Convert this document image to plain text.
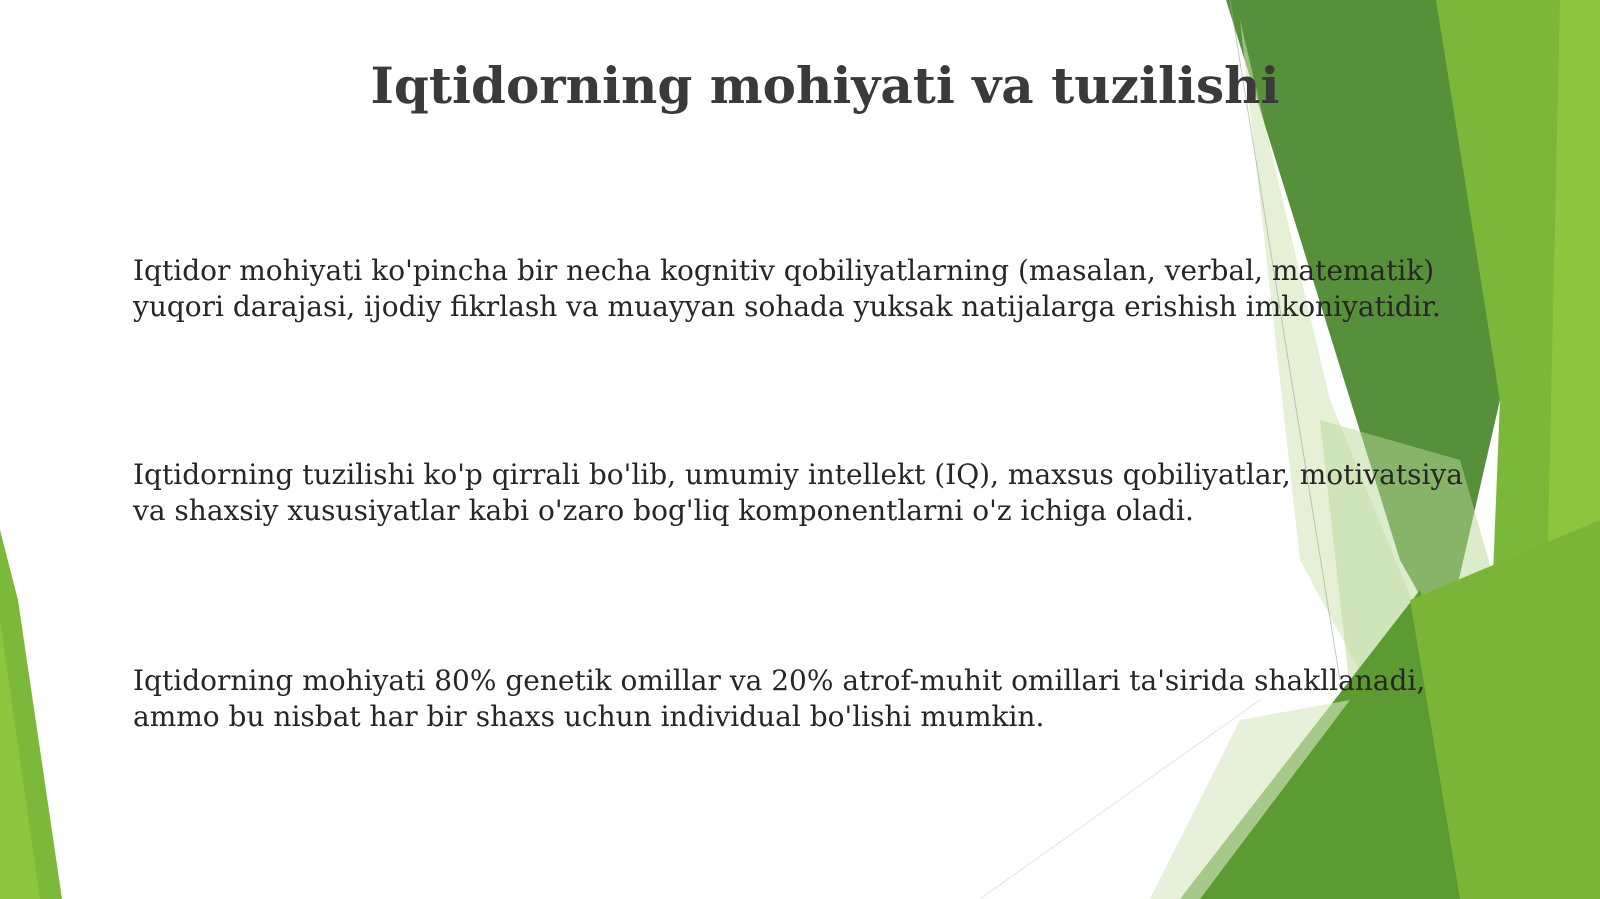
Iqtidorning mohiyati va tuzilishi

Iqtidor mohiyati ko'pincha bir necha kognitiv qobiliyatlarning (masalan, verbal, matematik)
yuqori darajasi, ijodiy fikrlash va muayyan sohada yuksak natijalarga erishish imkoniyatidir.

Iqtidorning tuzilishi ko'p qirrali bo'lib, umumiy intellekt (IQ), maxsus qobiliyatlar, motivatsiya
va shaxsiy xususiyatlar kabi o'zaro bog'liq komponentlarni o'z ichiga oladi.

Iqtidorning mohiyati 80% genetik omillar va 20% atrof-muhit omillari ta'sirida shakllanadi,
ammo bu nisbat har bir shaxs uchun individual bo'lishi mumkin.
